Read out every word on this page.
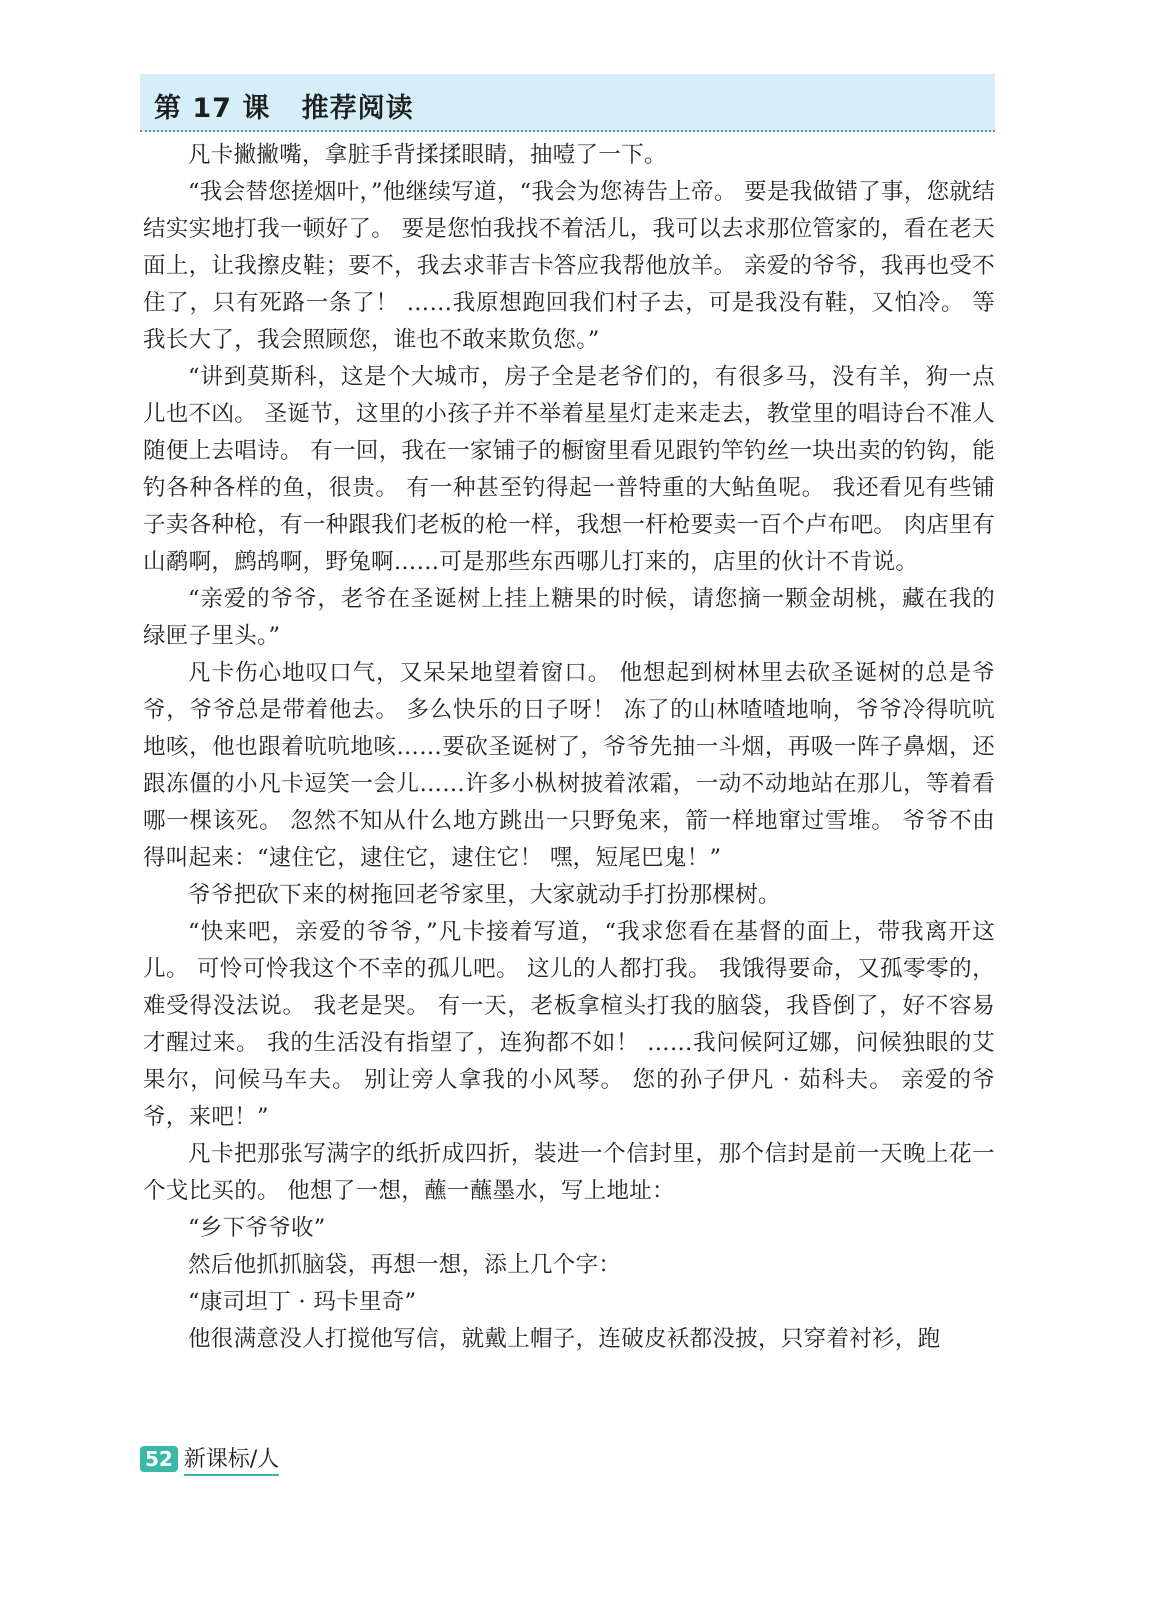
第 17 课   推荐阅读

凡卡撇撇嘴，拿脏手背揉揉眼睛，抽噎了一下。

“我会替您搓烟叶，”他继续写道，“我会为您祷告上帝。 要是我做错了事，您就结结实实地打我一顿好了。 要是您怕我找不着活儿，我可以去求那位管家的，看在老天面上，让我擦皮鞋；要不，我去求菲吉卡答应我帮他放羊。 亲爱的爷爷，我再也受不住了，只有死路一条了！ ……我原想跑回我们村子去，可是我没有鞋，又怕冷。 等我长大了，我会照顾您，谁也不敢来欺负您。”

“讲到莫斯科，这是个大城市，房子全是老爷们的，有很多马，没有羊，狗一点儿也不凶。 圣诞节，这里的小孩子并不举着星星灯走来走去，教堂里的唱诗台不准人随便上去唱诗。 有一回，我在一家铺子的橱窗里看见跟钓竿钓丝一块出卖的钓钩，能钓各种各样的鱼，很贵。 有一种甚至钓得起一普特重的大鲇鱼呢。 我还看见有些铺子卖各种枪，有一种跟我们老板的枪一样，我想一杆枪要卖一百个卢布吧。 肉店里有山鹬啊，鹧鸪啊，野兔啊……可是那些东西哪儿打来的，店里的伙计不肯说。

“亲爱的爷爷，老爷在圣诞树上挂上糖果的时候，请您摘一颗金胡桃，藏在我的绿匣子里头。”

凡卡伤心地叹口气，又呆呆地望着窗口。 他想起到树林里去砍圣诞树的总是爷爷，爷爷总是带着他去。 多么快乐的日子呀！ 冻了的山林喳喳地响，爷爷冷得吭吭地咳，他也跟着吭吭地咳……要砍圣诞树了，爷爷先抽一斗烟，再吸一阵子鼻烟，还跟冻僵的小凡卡逗笑一会儿……许多小枞树披着浓霜，一动不动地站在那儿，等着看哪一棵该死。 忽然不知从什么地方跳出一只野兔来，箭一样地窜过雪堆。 爷爷不由得叫起来：“逮住它，逮住它，逮住它！ 嘿，短尾巴鬼！”

爷爷把砍下来的树拖回老爷家里，大家就动手打扮那棵树。

“快来吧，亲爱的爷爷，”凡卡接着写道，“我求您看在基督的面上，带我离开这儿。 可怜可怜我这个不幸的孤儿吧。 这儿的人都打我。 我饿得要命，又孤零零的，难受得没法说。 我老是哭。 有一天，老板拿楦头打我的脑袋，我昏倒了，好不容易才醒过来。 我的生活没有指望了，连狗都不如！ ……我问候阿辽娜，问候独眼的艾果尔，问候马车夫。 别让旁人拿我的小风琴。 您的孙子伊凡 · 茹科夫。 亲爱的爷爷，来吧！”

凡卡把那张写满字的纸折成四折，装进一个信封里，那个信封是前一天晚上花一个戈比买的。 他想了一想，蘸一蘸墨水，写上地址：

“乡下爷爷收”

然后他抓抓脑袋，再想一想，添上几个字：

“康司坦丁 · 玛卡里奇”

他很满意没人打搅他写信，就戴上帽子，连破皮袄都没披，只穿着衬衫，跑

52 新课标/人
